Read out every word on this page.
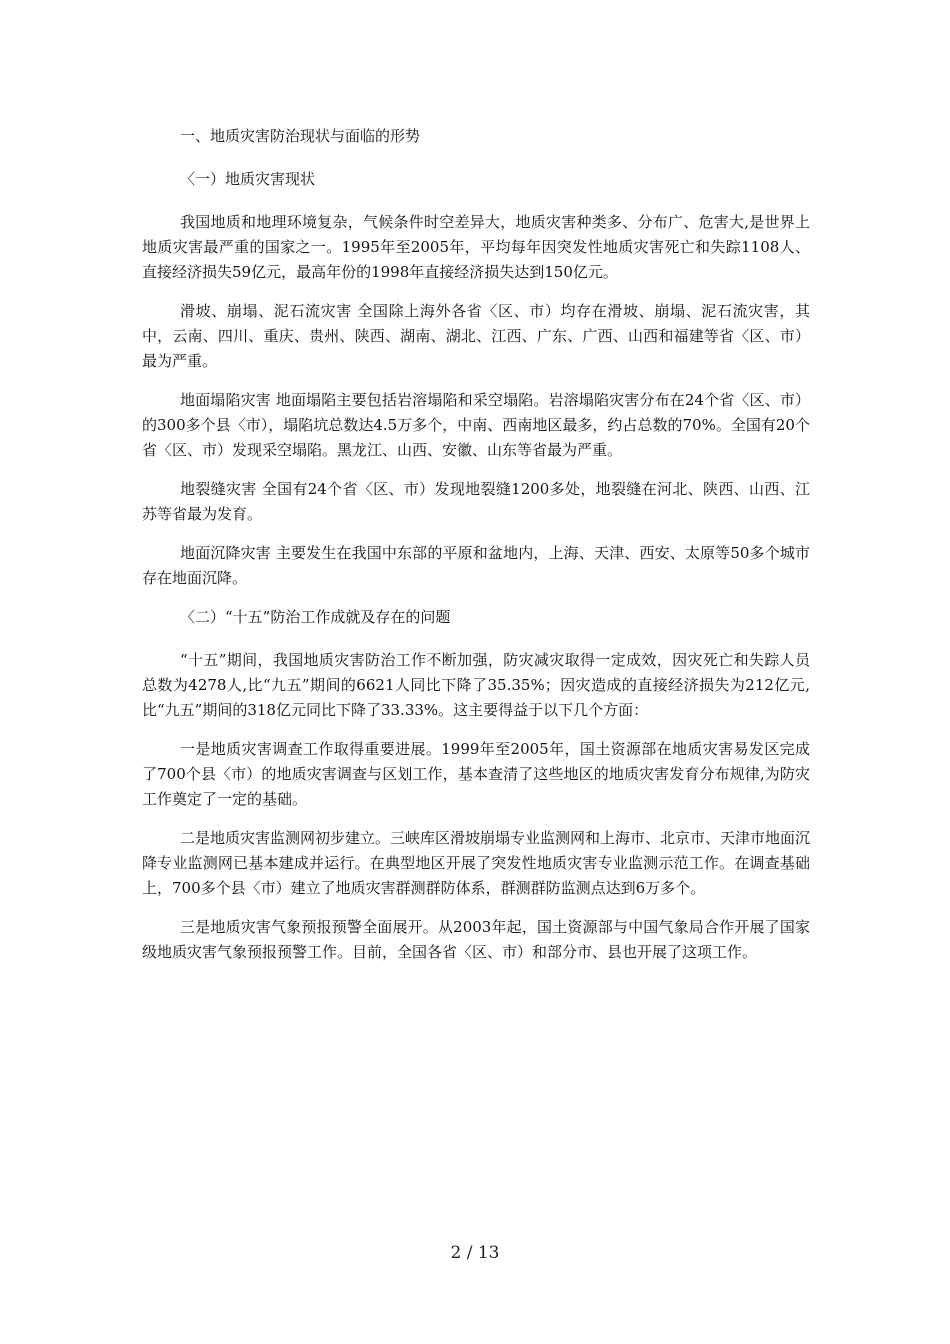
一、地质灾害防治现状与面临的形势

〈一）地质灾害现状

我国地质和地理环境复杂，气候条件时空差异大，地质灾害种类多、分布广、危害大,是世界上地质灾害最严重的国家之一。1995年至2005年，平均每年因突发性地质灾害死亡和失踪1108人、直接经济损失59亿元，最高年份的1998年直接经济损失达到150亿元。

滑坡、崩塌、泥石流灾害 全国除上海外各省〈区、市）均存在滑坡、崩塌、泥石流灾害，其中，云南、四川、重庆、贵州、陕西、湖南、湖北、江西、广东、广西、山西和福建等省〈区、市）最为严重。

地面塌陷灾害 地面塌陷主要包括岩溶塌陷和采空塌陷。岩溶塌陷灾害分布在24个省〈区、市）的300多个县〈市），塌陷坑总数达4.5万多个，中南、西南地区最多，约占总数的70%。全国有20个省〈区、市）发现采空塌陷。黑龙江、山西、安徽、山东等省最为严重。

地裂缝灾害 全国有24个省〈区、市）发现地裂缝1200多处，地裂缝在河北、陕西、山西、江苏等省最为发育。

地面沉降灾害 主要发生在我国中东部的平原和盆地内，上海、天津、西安、太原等50多个城市存在地面沉降。

〈二）“十五”防治工作成就及存在的问题

“十五”期间，我国地质灾害防治工作不断加强，防灾减灾取得一定成效，因灾死亡和失踪人员总数为4278人,比“九五”期间的6621人同比下降了35.35%；因灾造成的直接经济损失为212亿元,比“九五”期间的318亿元同比下降了33.33%。这主要得益于以下几个方面：

一是地质灾害调查工作取得重要进展。1999年至2005年，国土资源部在地质灾害易发区完成了700个县〈市）的地质灾害调查与区划工作，基本查清了这些地区的地质灾害发育分布规律,为防灾工作奠定了一定的基础。

二是地质灾害监测网初步建立。三峡库区滑坡崩塌专业监测网和上海市、北京市、天津市地面沉降专业监测网已基本建成并运行。在典型地区开展了突发性地质灾害专业监测示范工作。在调查基础上，700多个县〈市）建立了地质灾害群测群防体系，群测群防监测点达到6万多个。

三是地质灾害气象预报预警全面展开。从2003年起，国土资源部与中国气象局合作开展了国家级地质灾害气象预报预警工作。目前，全国各省〈区、市）和部分市、县也开展了这项工作。

2 / 13
